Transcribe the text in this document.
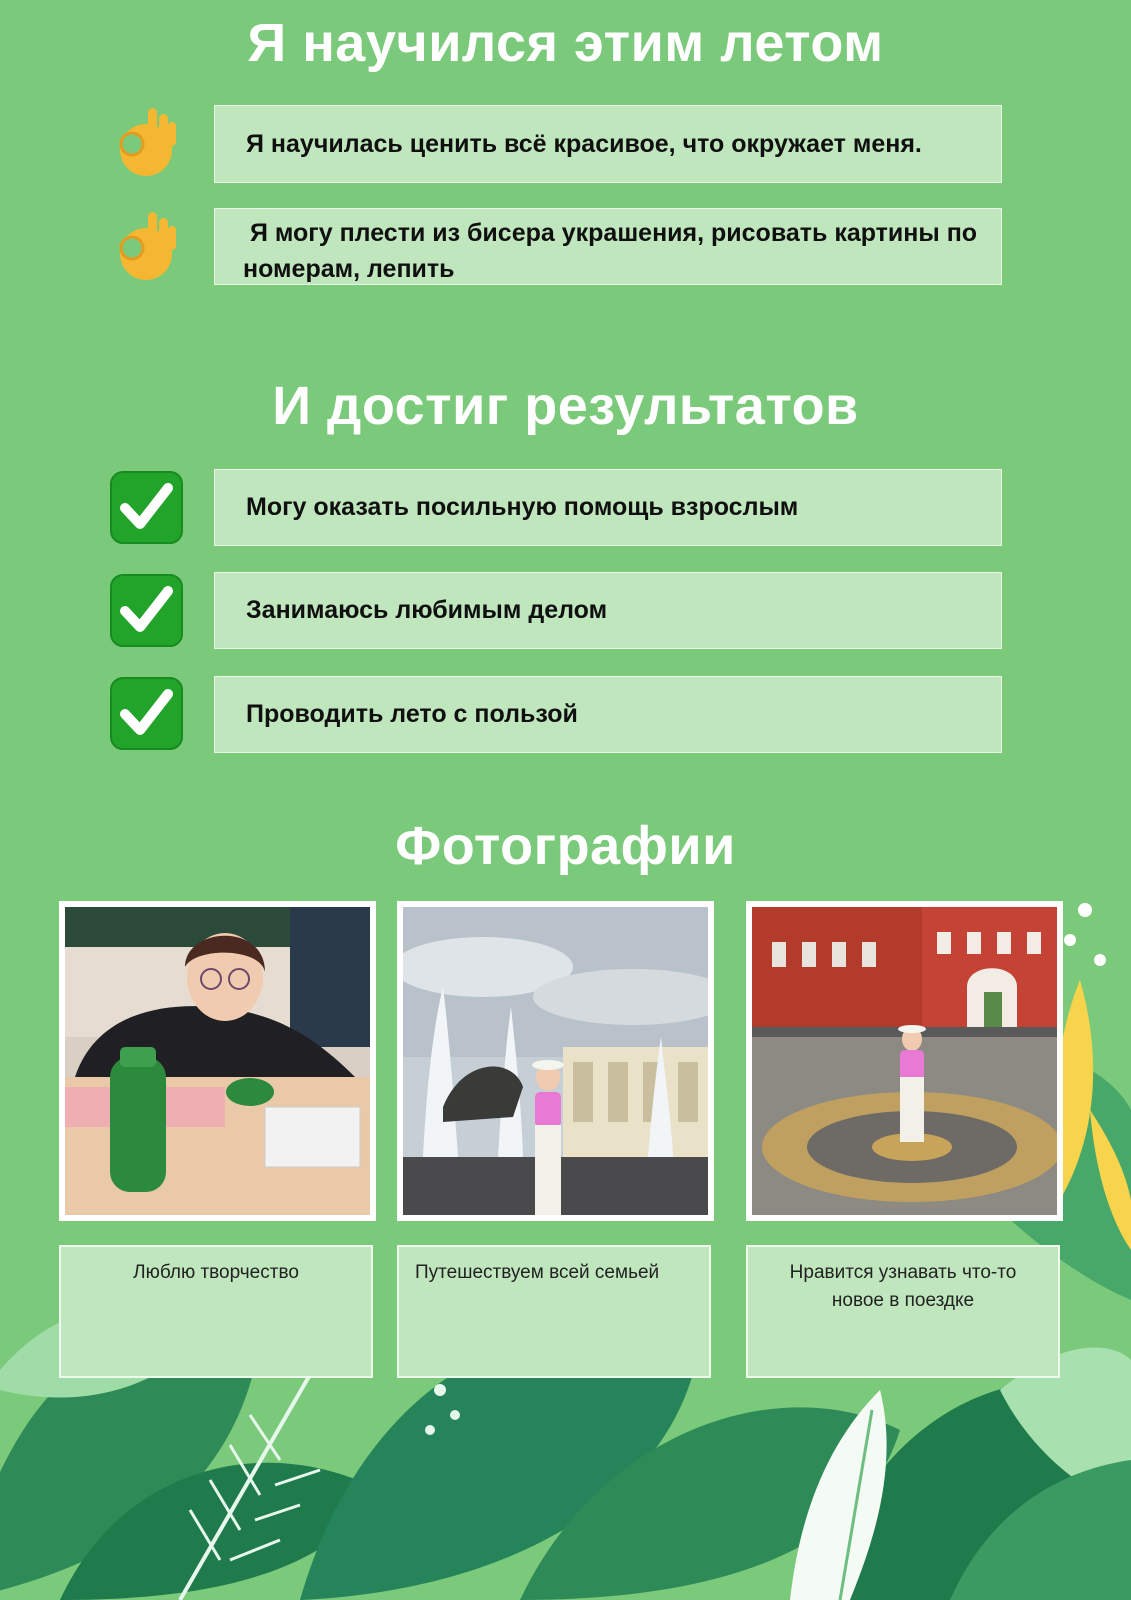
Я научился этим летом
Я научилась ценить всё красивое, что окружает меня.
Я могу плести из бисера украшения, рисовать картины по номерам, лепить
И достиг результатов
Могу оказать посильную помощь взрослым
Занимаюсь любимым делом
Проводить лето с пользой
Фотографии
Люблю творчество	Путешествуем всей семьей	Нравится узнавать что-то новое в поездке
